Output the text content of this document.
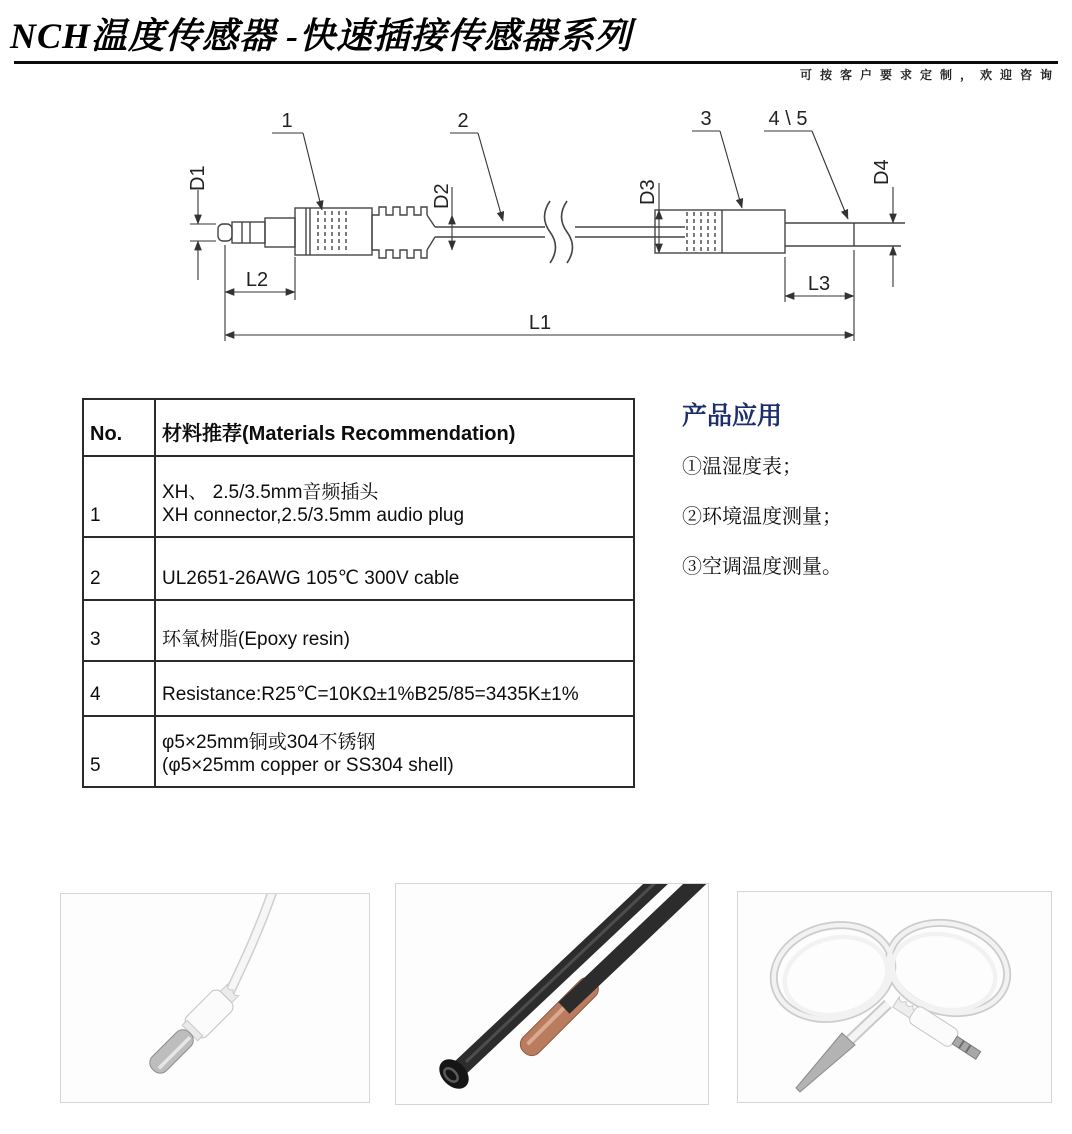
NCH温度传感器 -快速插接传感器系列
可按客户要求定制，欢迎咨询
1	2	3	4 \ 5
D1
D2	D3
D4
L2	L3
L1
No.	材料推荐(Materials Recommendation)
1	XH、 2.5/3.5mm音频插头
XH connector,2.5/3.5mm audio plug

2	UL2651-26AWG 105℃ 300V cable
3	环氧树脂(Epoxy resin)
4	Resistance:R25℃=10KΩ±1%B25/85=3435K±1%
5	φ5×25mm铜或304不锈钢
(φ5×25mm copper or SS304 shell)
产品应用
①温湿度表；
②环境温度测量；
③空调温度测量。
